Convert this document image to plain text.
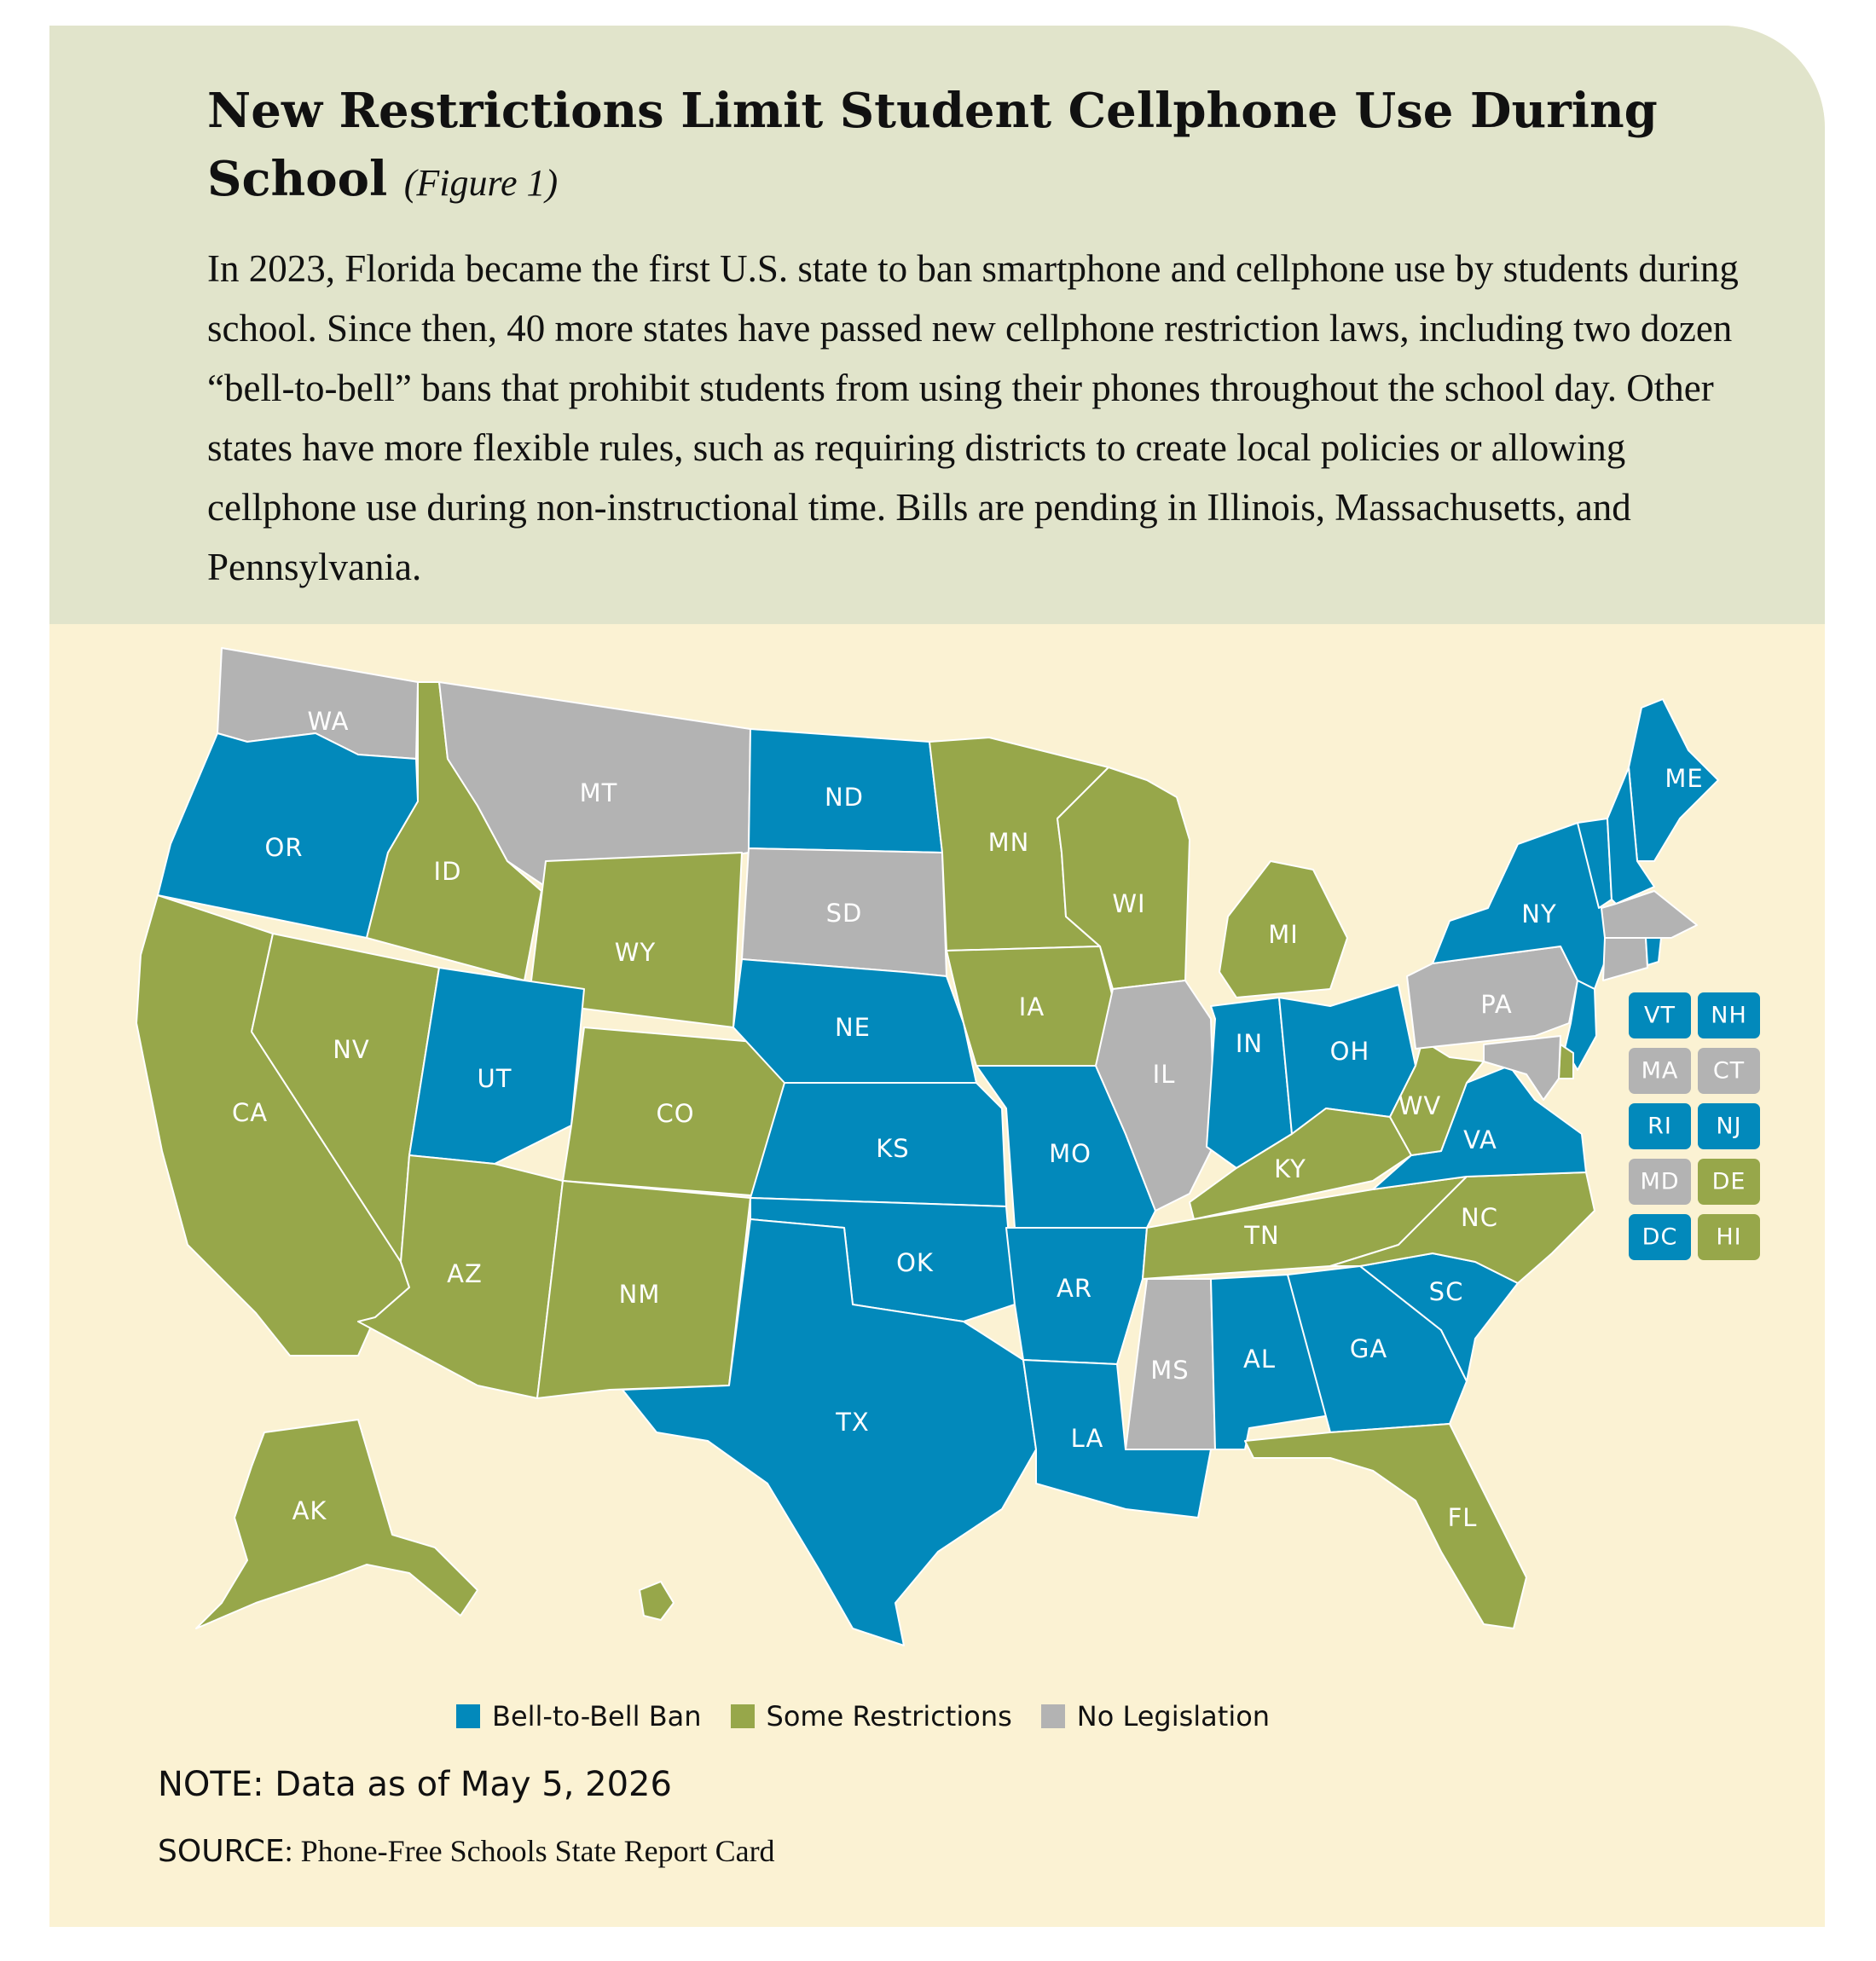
New Restrictions Limit Student Cellphone Use During School (Figure 1)

In 2023, Florida became the first U.S. state to ban smartphone and cellphone use by students during school. Since then, 40 more states have passed new cellphone restriction laws, including two dozen “bell-to-bell” bans that prohibit students from using their phones throughout the school day. Other states have more flexible rules, such as requiring districts to create local policies or allowing cellphone use during non-instructional time. Bills are pending in Illinois, Massachusetts, and Pennsylvania.

WA
OR
CA
NV
ID
MT
WY
UT
AZ
CO
NM
ND
SD
NE
KS
OK
TX
MN
IA
MO
AR
LA
WI
IL
MS
MI
IN	OH
KY
TN
AL	GA
FL
SC
NC
VA
WV
PA
NY
ME
AK
VT NH
MA CT
RI NJ
MD DE
DC HI
Bell-to-Bell Ban Some Restrictions No Legislation

NOTE: Data as of May 5, 2026

SOURCE: Phone-Free Schools State Report Card
